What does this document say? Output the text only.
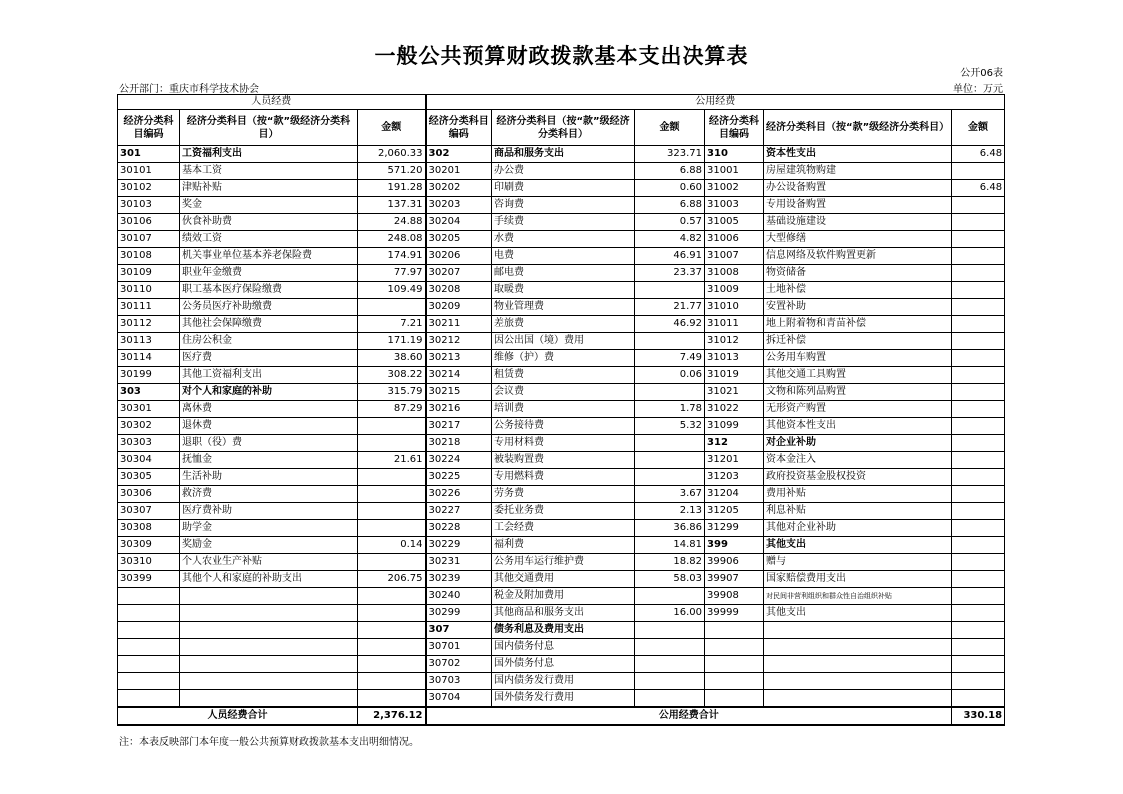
一般公共预算财政拨款基本支出决算表
公开06表
公开部门：重庆市科学技术协会	单位：万元
人员经费			公用经费					
经济分类科目编码	经济分类科目（按“款”级经济分类科目）	金额	经济分类科目编码	经济分类科目（按“款”级经济分类科目）	金额	经济分类科目编码	经济分类科目（按“款”级经济分类科目）	金额
301	工资福利支出	2,060.33	302	商品和服务支出	323.71	310	资本性支出	6.48
30101	基本工资	571.20	30201	办公费	6.88	31001	房屋建筑物购建	
30102	津贴补贴	191.28	30202	印刷费	0.60	31002	办公设备购置	6.48
30103	奖金	137.31	30203	咨询费	6.88	31003	专用设备购置	
30106	伙食补助费	24.88	30204	手续费	0.57	31005	基础设施建设	
30107	绩效工资	248.08	30205	水费	4.82	31006	大型修缮	
30108	机关事业单位基本养老保险费	174.91	30206	电费	46.91	31007	信息网络及软件购置更新	
30109	职业年金缴费	77.97	30207	邮电费	23.37	31008	物资储备	
30110	职工基本医疗保险缴费	109.49	30208	取暖费		31009	土地补偿	
30111	公务员医疗补助缴费		30209	物业管理费	21.77	31010	安置补助	
30112	其他社会保障缴费	7.21	30211	差旅费	46.92	31011	地上附着物和青苗补偿	
30113	住房公积金	171.19	30212	因公出国（境）费用		31012	拆迁补偿	
30114	医疗费	38.60	30213	维修（护）费	7.49	31013	公务用车购置	
30199	其他工资福利支出	308.22	30214	租赁费	0.06	31019	其他交通工具购置	
303	对个人和家庭的补助	315.79	30215	会议费		31021	文物和陈列品购置	
30301	离休费	87.29	30216	培训费	1.78	31022	无形资产购置	
30302	退休费		30217	公务接待费	5.32	31099	其他资本性支出	
30303	退职（役）费		30218	专用材料费		312	对企业补助	
30304	抚恤金	21.61	30224	被装购置费		31201	资本金注入	
30305	生活补助		30225	专用燃料费		31203	政府投资基金股权投资	
30306	救济费		30226	劳务费	3.67	31204	费用补贴	
30307	医疗费补助		30227	委托业务费	2.13	31205	利息补贴	
30308	助学金		30228	工会经费	36.86	31299	其他对企业补助	
30309	奖励金	0.14	30229	福利费	14.81	399	其他支出	
30310	个人农业生产补贴		30231	公务用车运行维护费	18.82	39906	赠与	
30399	其他个人和家庭的补助支出	206.75	30239	其他交通费用	58.03	39907	国家赔偿费用支出	
			30240	税金及附加费用		39908	对民间非营利组织和群众性自治组织补贴	
			30299	其他商品和服务支出	16.00	39999	其他支出	
			307	债务利息及费用支出				
			30701	国内债务付息				
			30702	国外债务付息				
			30703	国内债务发行费用				
			30704	国外债务发行费用				
人员经费合计		2,376.12	公用经费合计					330.18
注：本表反映部门本年度一般公共预算财政拨款基本支出明细情况。
